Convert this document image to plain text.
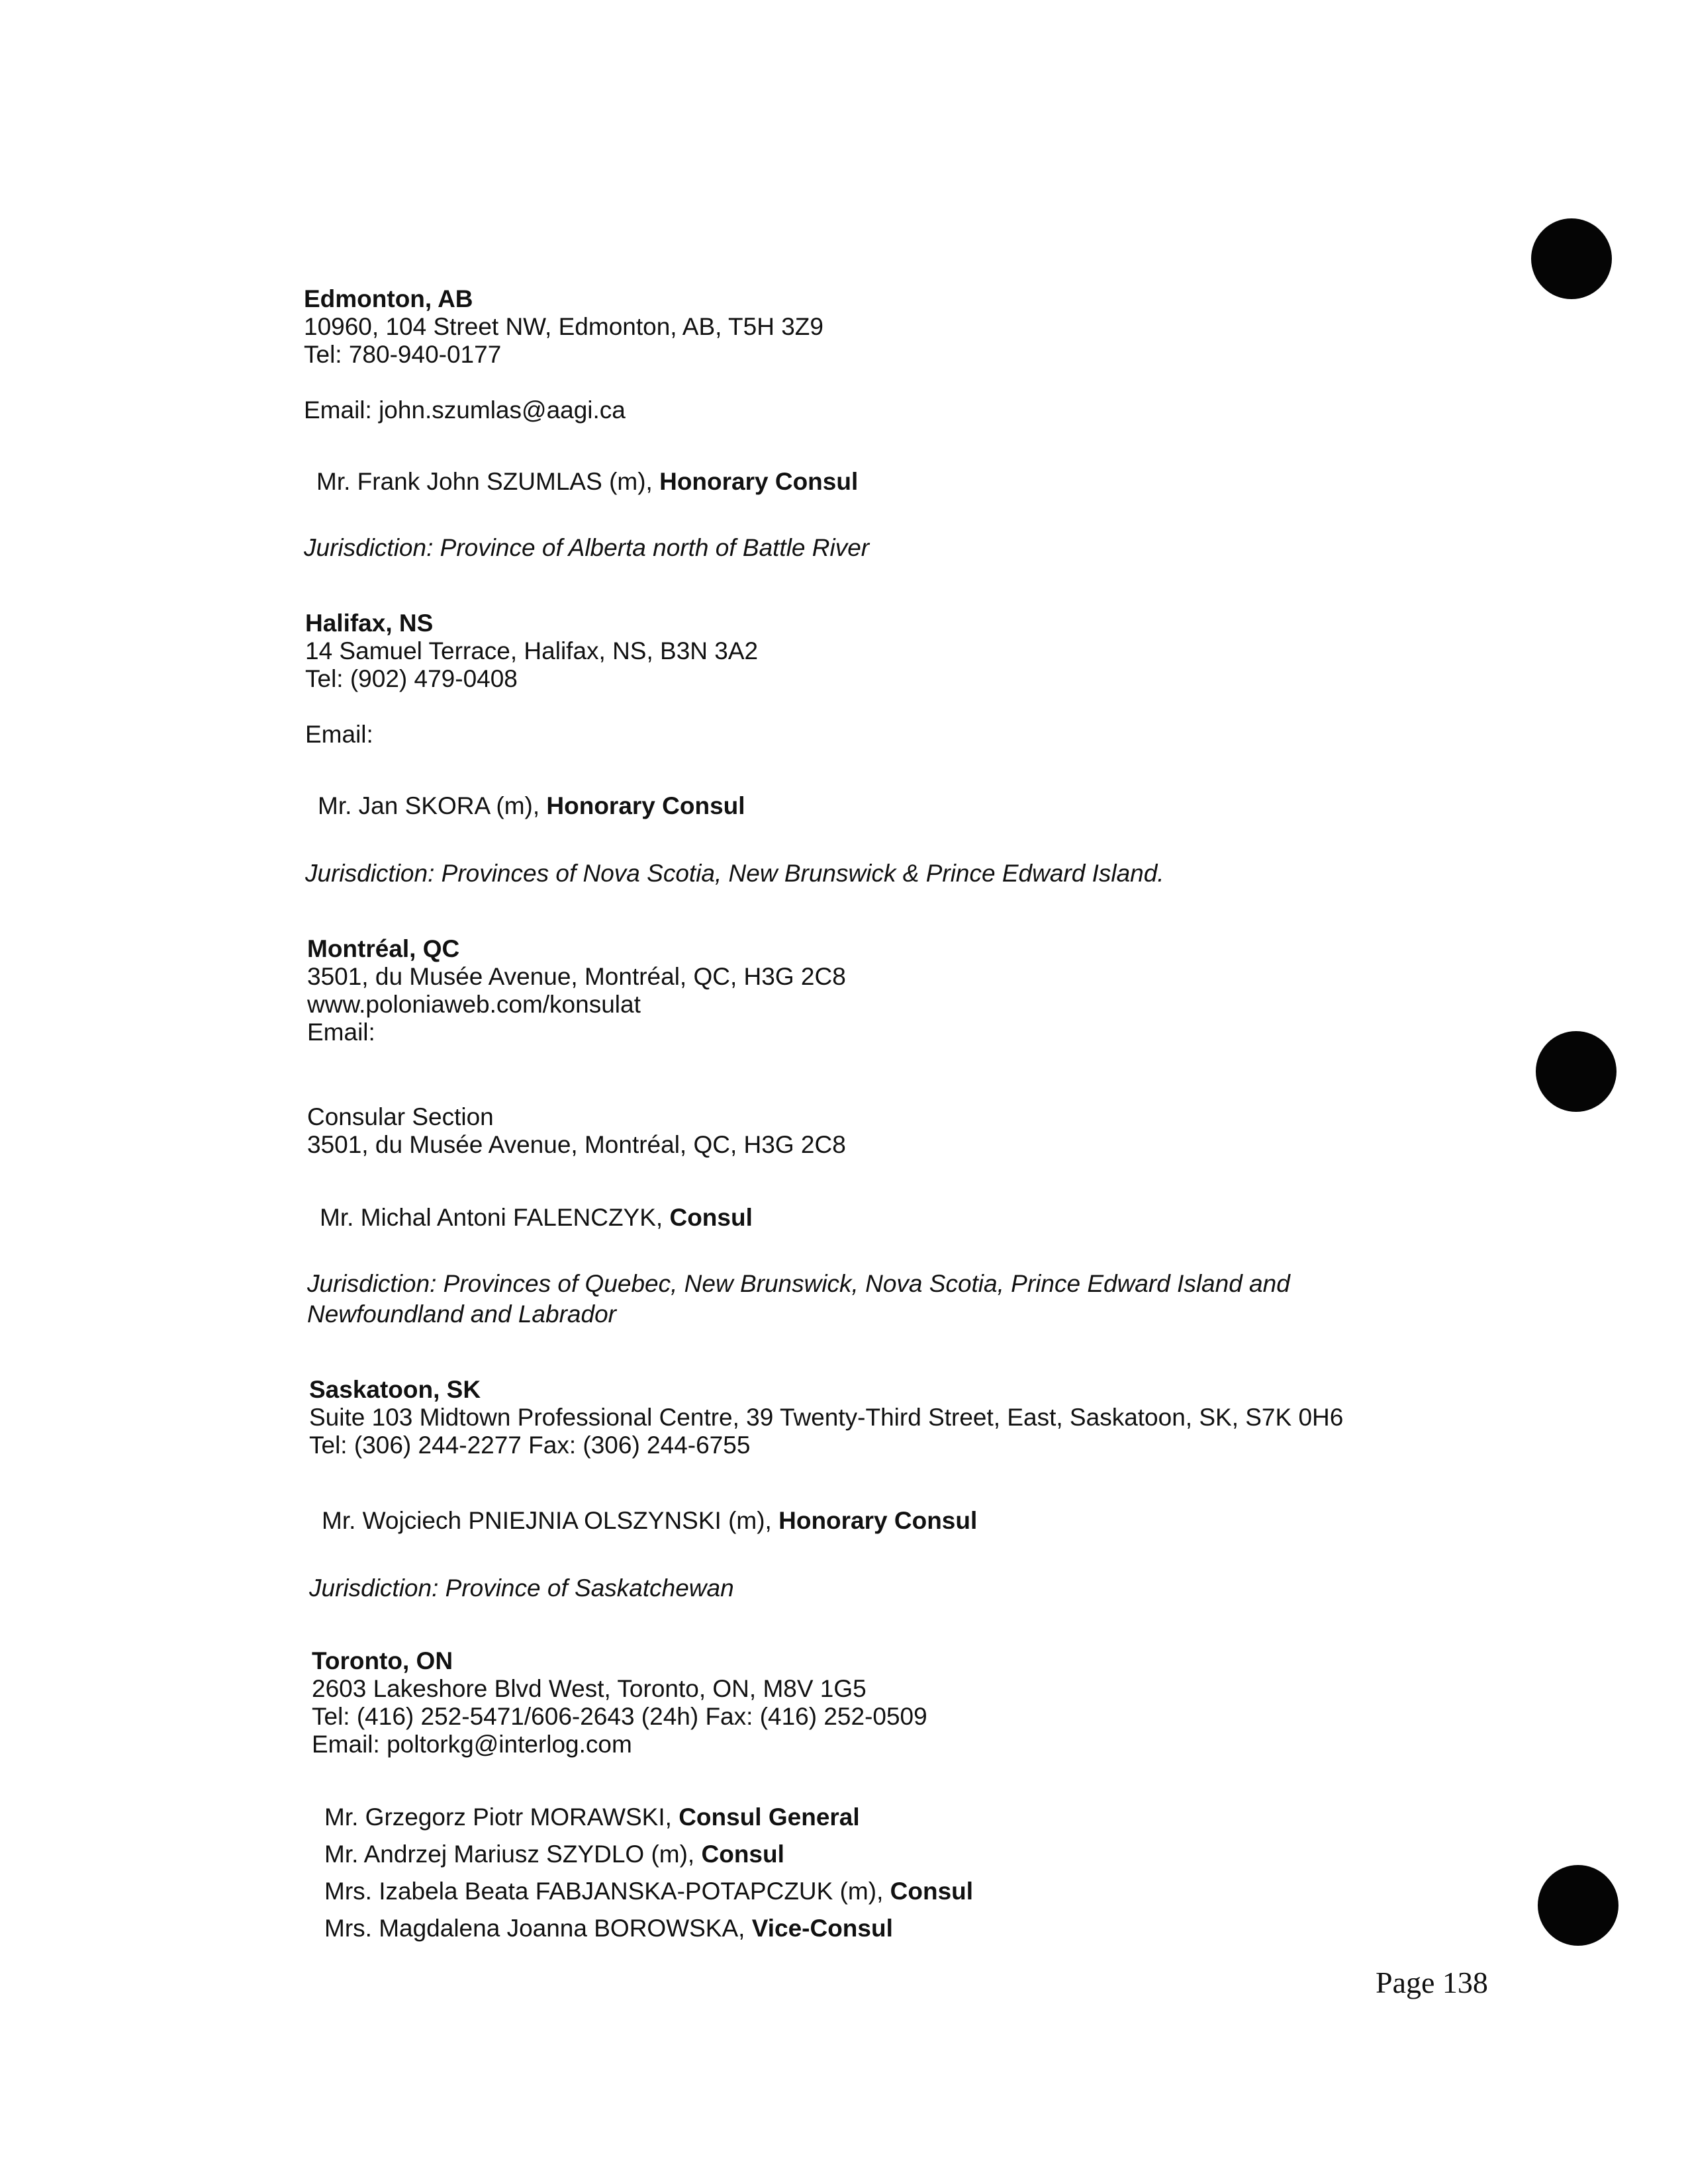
Edmonton, AB
10960, 104 Street NW, Edmonton, AB, T5H 3Z9
Tel: 780-940-0177
Email: john.szumlas@aagi.ca
Mr. Frank John SZUMLAS (m), Honorary Consul
Jurisdiction: Province of Alberta north of Battle River
Halifax, NS
14 Samuel Terrace, Halifax, NS, B3N 3A2
Tel: (902) 479-0408
Email:
Mr. Jan SKORA (m), Honorary Consul
Jurisdiction: Provinces of Nova Scotia, New Brunswick & Prince Edward Island.
Montréal, QC
3501, du Musée Avenue, Montréal, QC, H3G 2C8
www.poloniaweb.com/konsulat
Email:
Consular Section
3501, du Musée Avenue, Montréal, QC, H3G 2C8
Mr. Michal Antoni FALENCZYK, Consul
Jurisdiction: Provinces of Quebec, New Brunswick, Nova Scotia, Prince Edward Island and
Newfoundland and Labrador
Saskatoon, SK
Suite 103 Midtown Professional Centre, 39 Twenty-Third Street, East, Saskatoon, SK, S7K 0H6
Tel: (306) 244-2277 Fax: (306) 244-6755
Mr. Wojciech PNIEJNIA OLSZYNSKI (m), Honorary Consul
Jurisdiction: Province of Saskatchewan
Toronto, ON
2603 Lakeshore Blvd West, Toronto, ON, M8V 1G5
Tel: (416) 252-5471/606-2643 (24h) Fax: (416) 252-0509
Email: poltorkg@interlog.com
Mr. Grzegorz Piotr MORAWSKI, Consul General
Mr. Andrzej Mariusz SZYDLO (m), Consul
Mrs. Izabela Beata FABJANSKA-POTAPCZUK (m), Consul
Mrs. Magdalena Joanna BOROWSKA, Vice-Consul
Page 138
